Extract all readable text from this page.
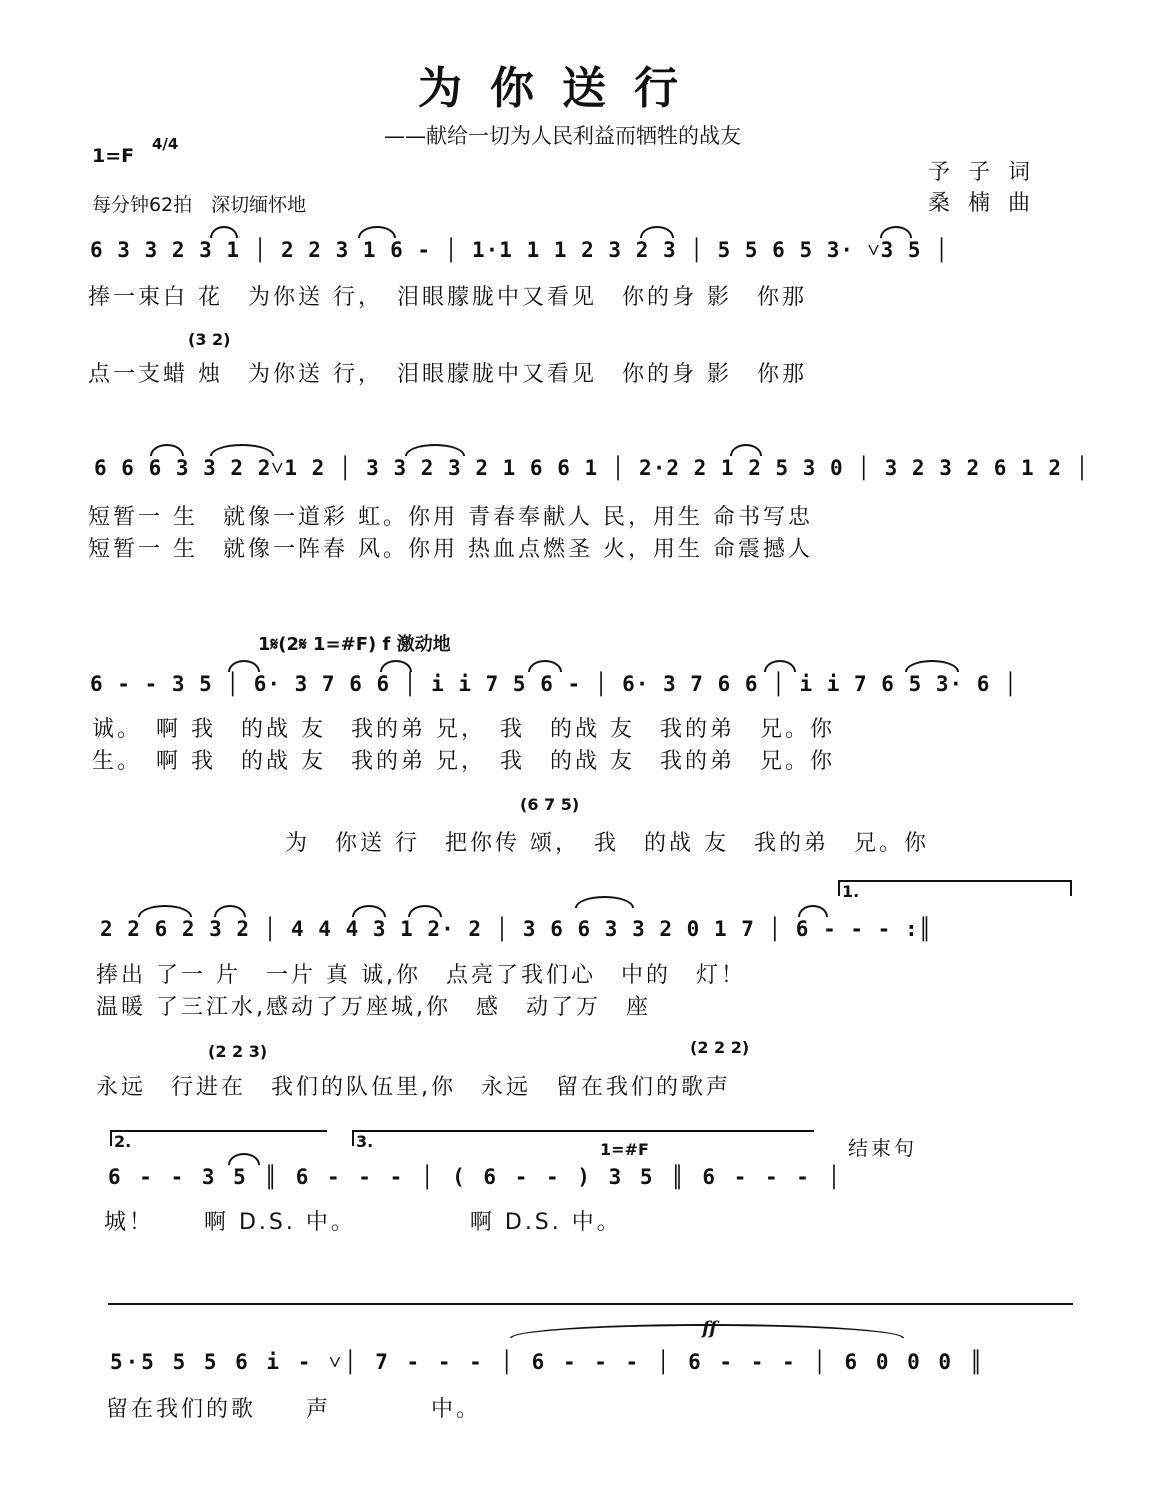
为你送行
——献给一切为人民利益而牺牲的战友
1=F
4/4
每分钟62拍　深切缅怀地
予子词
桑楠曲
6 3 3 2 3 1 │ 2 2 3 1 6 - │ 1·1 1 1 2 3 2 3 │ 5 5 6 5 3· ˅3 5 │
捧一束白 花　为你送 行，　泪眼朦胧中又看见　你的身 影　你那
(3 2)
点一支蜡 烛　为你送 行，　泪眼朦胧中又看见　你的身 影　你那
6 6 6 3 3 2 2˅1 2 │ 3 3 2 3 2 1 6 6 1 │ 2·2 2 1 2 5 3 0 │ 3 2 3 2 6 1 2 │
短暂一 生　就像一道彩 虹。你用 青春奉献人 民，用生 命书写忠
短暂一 生　就像一阵春 风。你用 热血点燃圣 火，用生 命震撼人
1𝄋(2𝄋 1=#F) f 激动地
6 - - 3 5 │ 6· 3 7 6 6 │ i i 7 5 6 - │ 6· 3 7 6 6 │ i i 7 6 5 3· 6 │
诚。　啊 我　的战 友　我的弟 兄，　我　的战 友　我的弟　兄。你
生。　啊 我　的战 友　我的弟 兄，　我　的战 友　我的弟　兄。你
(6 7 5)
为　你送 行　把你传 颂，　我　的战 友　我的弟　兄。你
1.
2 2 6 2 3 2 │ 4 4 4 3 1 2· 2 │ 3 6 6 3 3 2 0 1 7 │ 6 - - - :║
捧出 了一 片　一片 真 诚,你　点亮了我们心　中的　灯！
温暖 了三江水,感动了万座城,你　感　动了万　座
(2 2 3)	(2 2 2)
永远　行进在　我们的队伍里,你　永远　留在我们的歌声
2.	3.	1=#F	结束句
6 - - 3 5 ║ 6 - - - │ ( 6 - - ) 3 5 ║ 6 - - - │
城！　　啊 D.S. 中。　　　　　啊 D.S. 中。
ff
5·5 5 5 6 i - ˅│ 7 - - - │ 6 - - - │ 6 - - - │ 6 0 0 0 ║
留在我们的歌　　声　　　　中。
